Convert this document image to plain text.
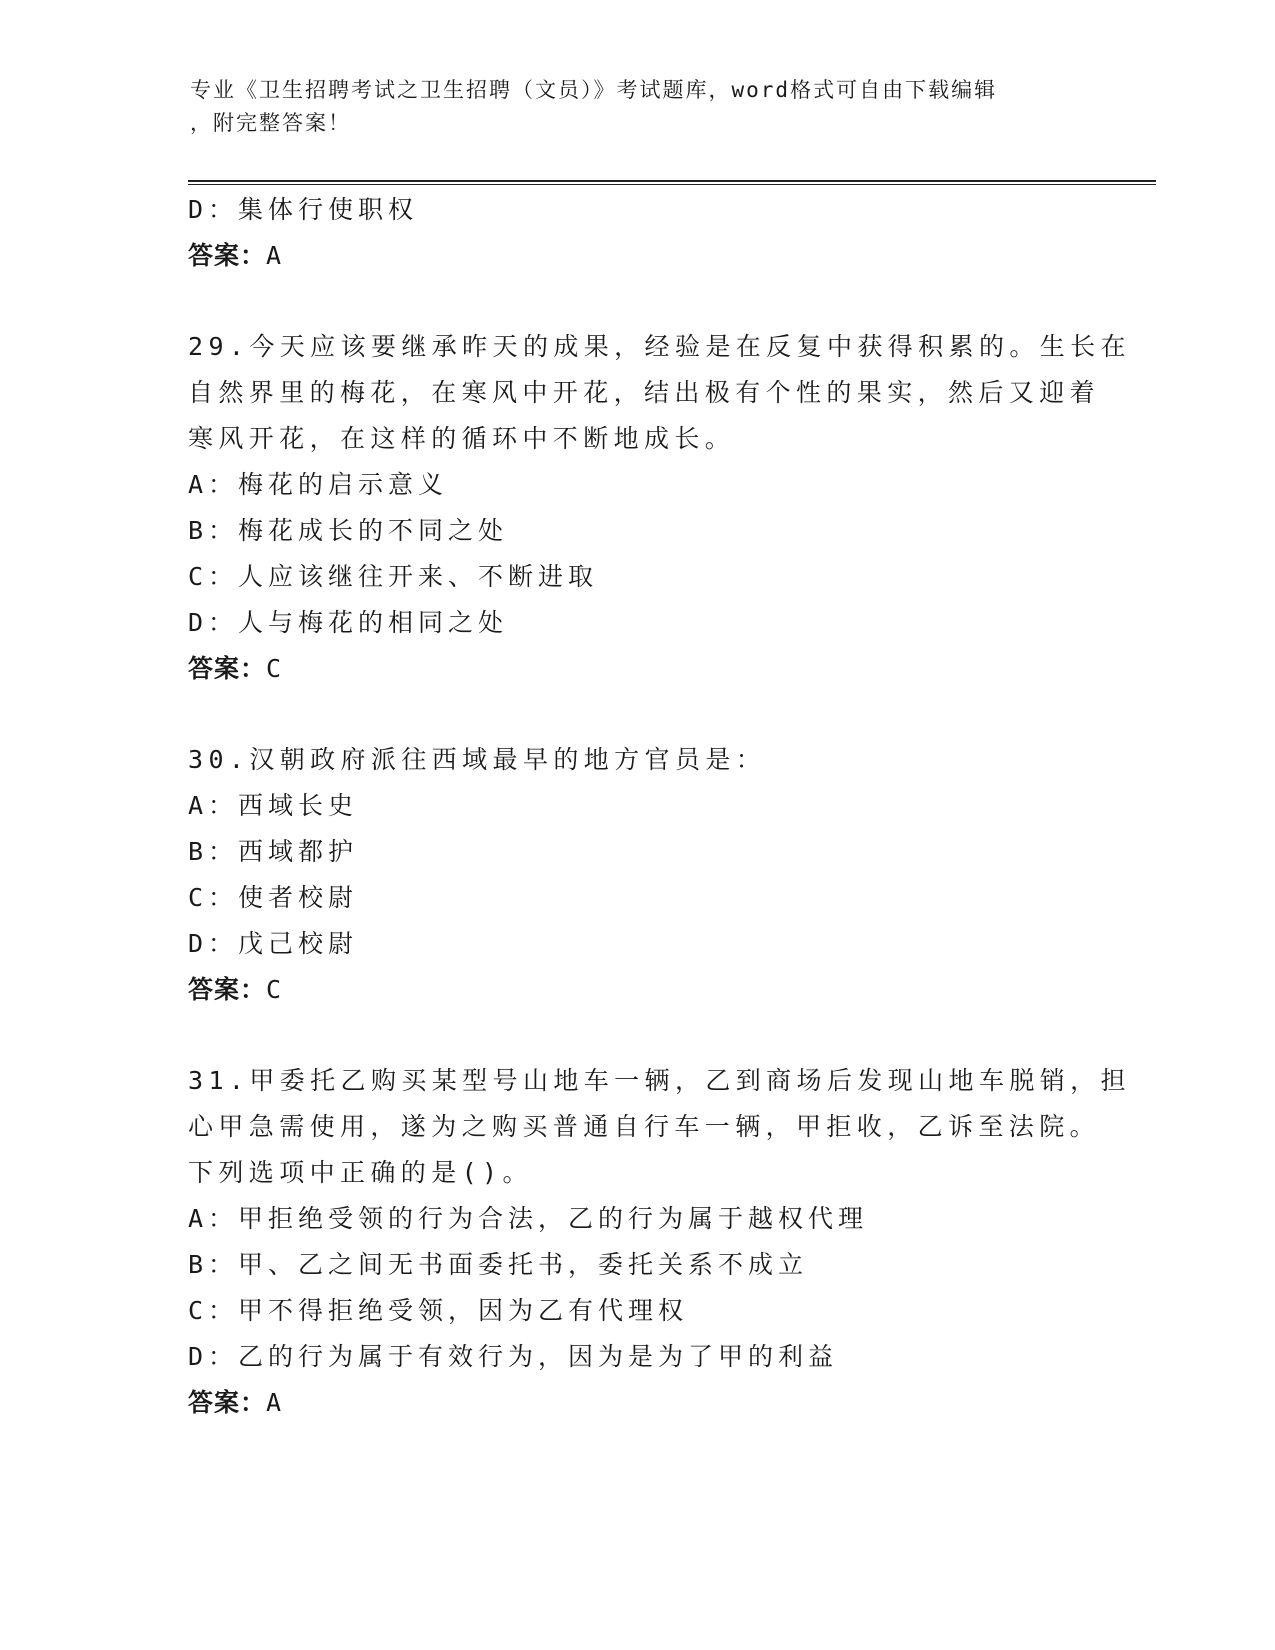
专业《卫生招聘考试之卫生招聘（文员）》考试题库，word格式可自由下载编辑
，附完整答案！
D：集体行使职权
答案：A
29.今天应该要继承昨天的成果，经验是在反复中获得积累的。生长在
自然界里的梅花，在寒风中开花，结出极有个性的果实，然后又迎着
寒风开花，在这样的循环中不断地成长。
A：梅花的启示意义
B：梅花成长的不同之处
C：人应该继往开来、不断进取
D：人与梅花的相同之处
答案：C
30.汉朝政府派往西域最早的地方官员是：
A：西域长史
B：西域都护
C：使者校尉
D：戊己校尉
答案：C
31.甲委托乙购买某型号山地车一辆，乙到商场后发现山地车脱销，担
心甲急需使用，遂为之购买普通自行车一辆，甲拒收，乙诉至法院。
下列选项中正确的是()。
A：甲拒绝受领的行为合法，乙的行为属于越权代理
B：甲、乙之间无书面委托书，委托关系不成立
C：甲不得拒绝受领，因为乙有代理权
D：乙的行为属于有效行为，因为是为了甲的利益
答案：A
